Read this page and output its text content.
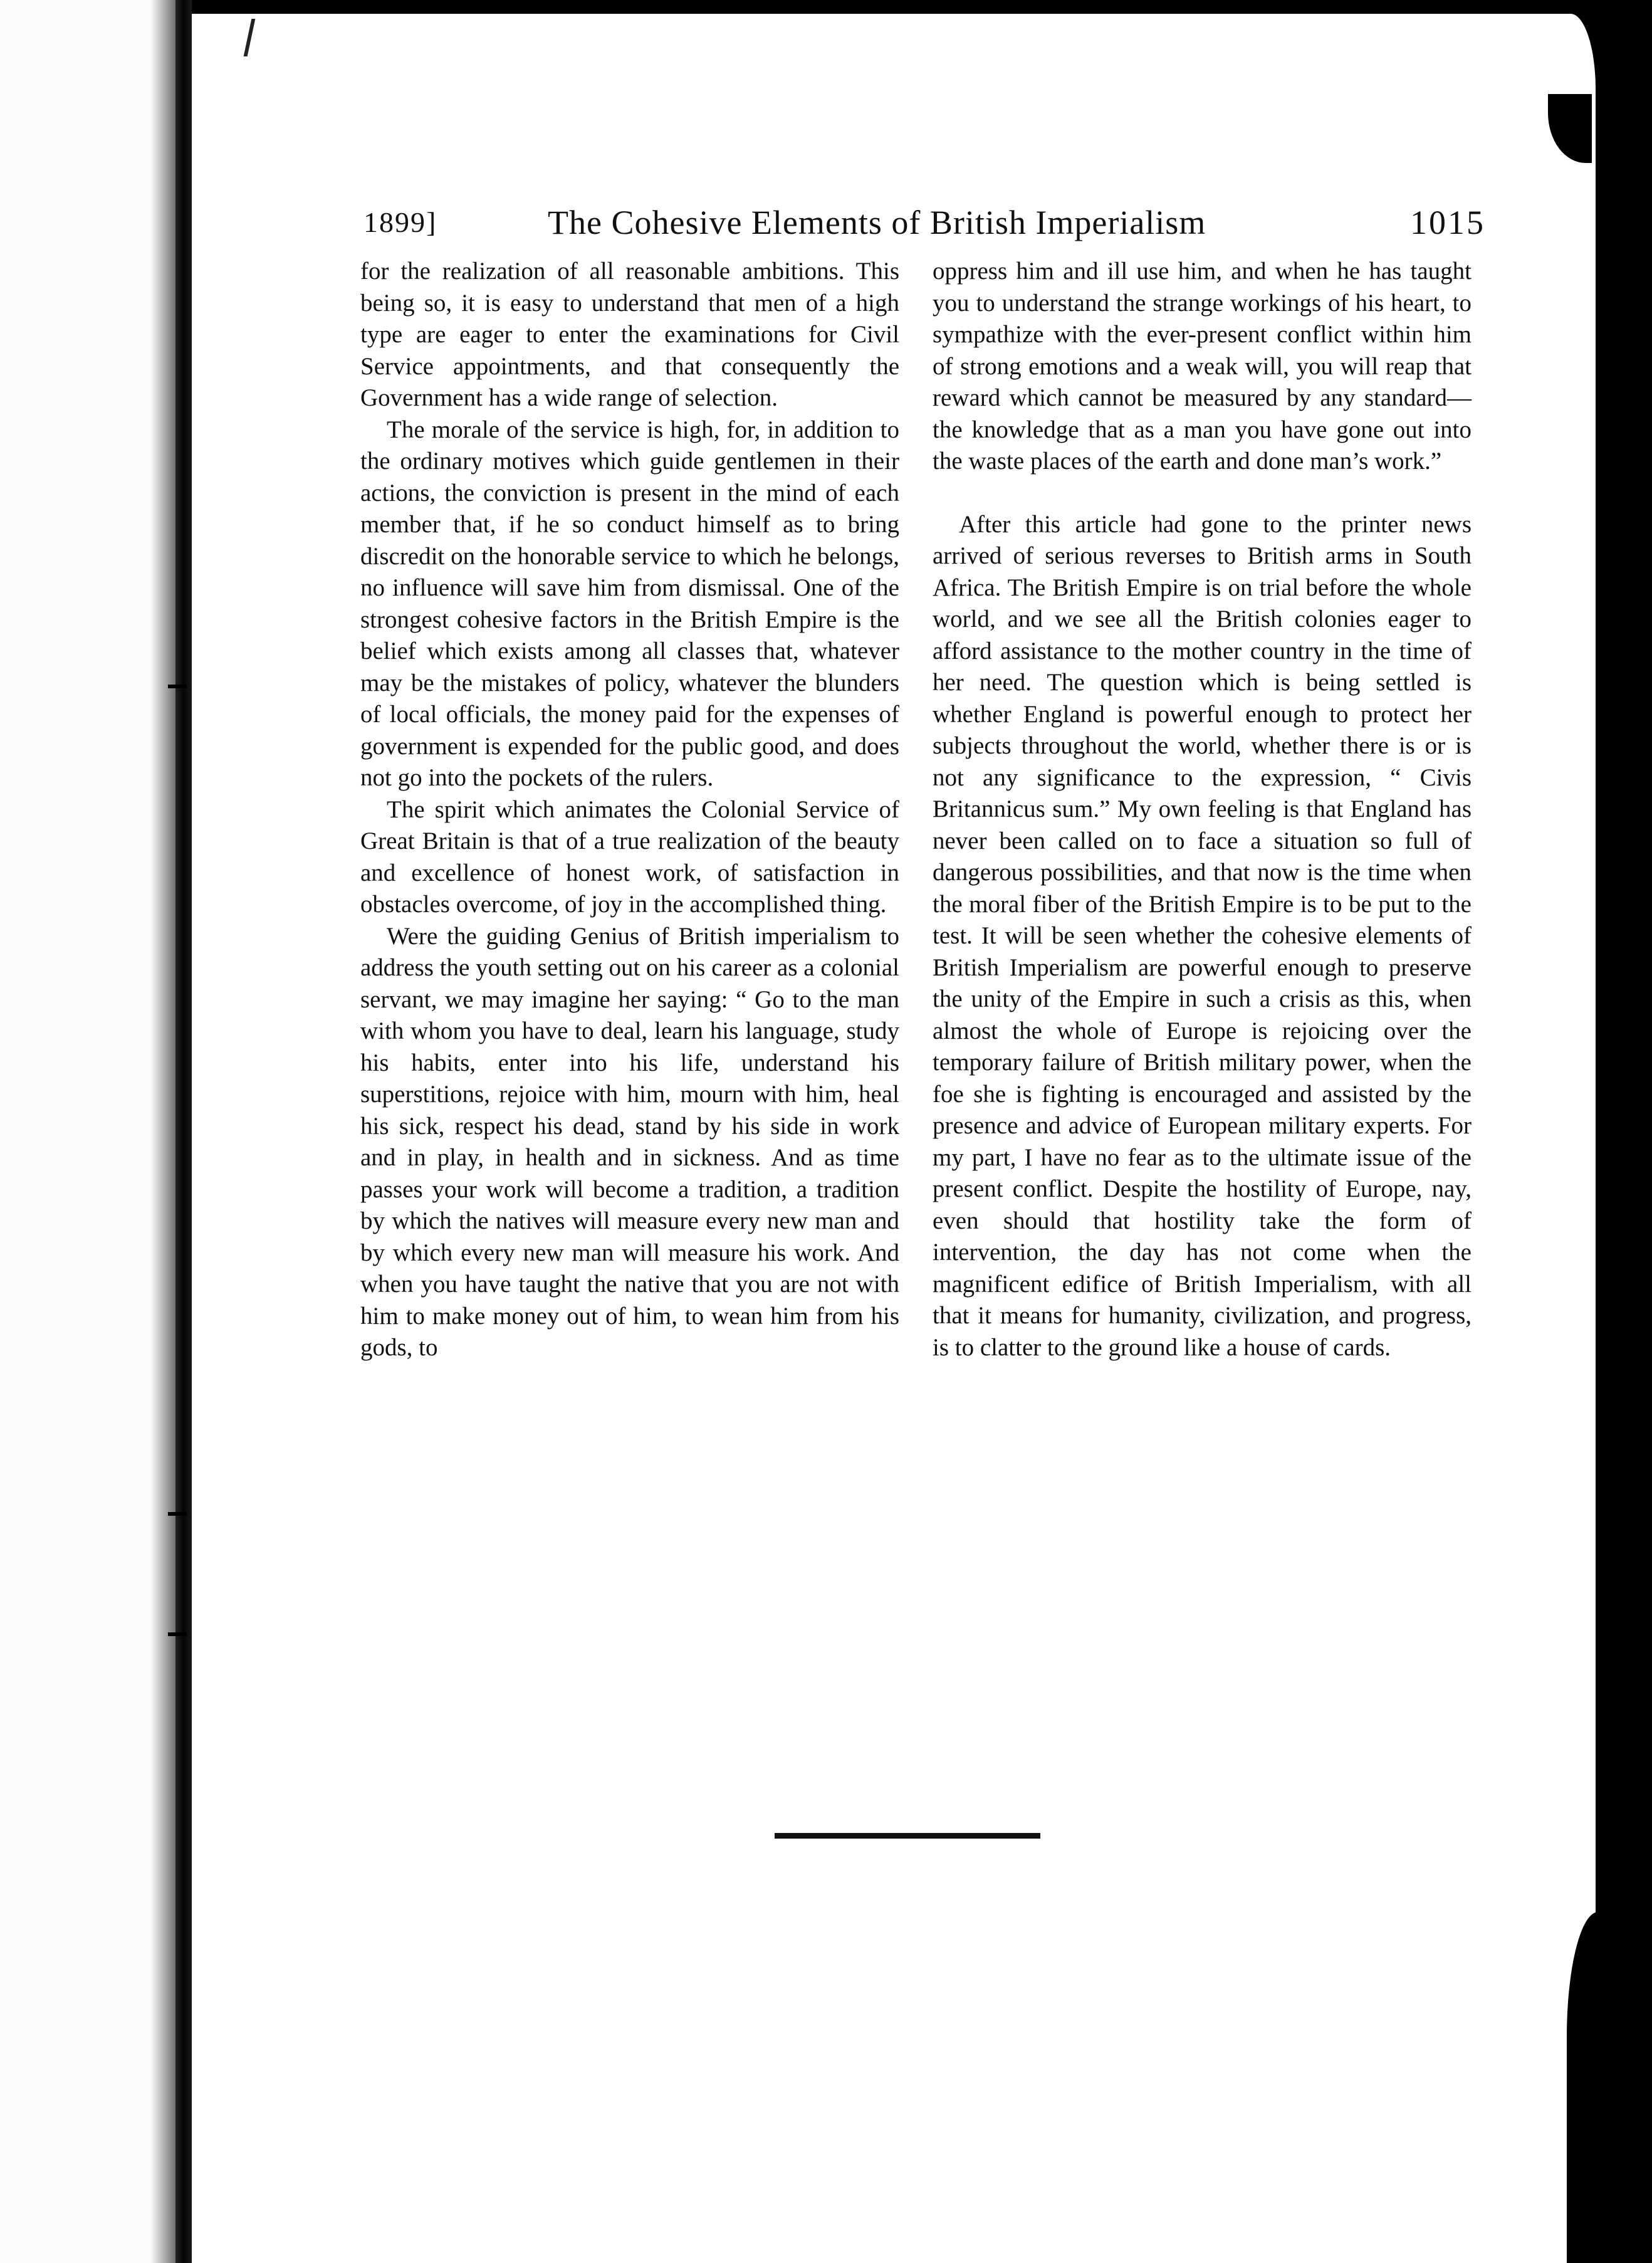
1899]	The Cohesive Elements of British Imperialism	1015

for the realization of all reasonable ambitions. This being so, it is easy to understand that men of a high type are eager to enter the examinations for Civil Service appointments, and that consequently the Government has a wide range of selection.

The morale of the service is high, for, in addition to the ordinary motives which guide gentlemen in their actions, the conviction is present in the mind of each member that, if he so conduct himself as to bring discredit on the honorable service to which he belongs, no influence will save him from dismissal. One of the strongest cohesive factors in the British Empire is the belief which exists among all classes that, whatever may be the mistakes of policy, whatever the blunders of local officials, the money paid for the expenses of government is expended for the public good, and does not go into the pockets of the rulers.

The spirit which animates the Colonial Service of Great Britain is that of a true realization of the beauty and excellence of honest work, of satisfaction in obstacles overcome, of joy in the accomplished thing.

Were the guiding Genius of British imperialism to address the youth setting out on his career as a colonial servant, we may imagine her saying: “ Go to the man with whom you have to deal, learn his language, study his habits, enter into his life, understand his superstitions, rejoice with him, mourn with him, heal his sick, respect his dead, stand by his side in work and in play, in health and in sickness. And as time passes your work will become a tradition, a tradition by which the natives will measure every new man and by which every new man will measure his work. And when you have taught the native that you are not with him to make money out of him, to wean him from his gods, to

oppress him and ill use him, and when he has taught you to understand the strange workings of his heart, to sympathize with the ever-present conflict within him of strong emotions and a weak will, you will reap that reward which cannot be measured by any standard—the knowledge that as a man you have gone out into the waste places of the earth and done man’s work.”

After this article had gone to the printer news arrived of serious reverses to British arms in South Africa. The British Empire is on trial before the whole world, and we see all the British colonies eager to afford assistance to the mother country in the time of her need. The question which is being settled is whether England is powerful enough to protect her subjects throughout the world, whether there is or is not any significance to the expression, “ Civis Britannicus sum.” My own feeling is that England has never been called on to face a situation so full of dangerous possibilities, and that now is the time when the moral fiber of the British Empire is to be put to the test. It will be seen whether the cohesive elements of British Imperialism are powerful enough to preserve the unity of the Empire in such a crisis as this, when almost the whole of Europe is rejoicing over the temporary failure of British military power, when the foe she is fighting is encouraged and assisted by the presence and advice of European military experts. For my part, I have no fear as to the ultimate issue of the present conflict. Despite the hostility of Europe, nay, even should that hostility take the form of intervention, the day has not come when the magnificent edifice of British Imperialism, with all that it means for humanity, civilization, and progress, is to clatter to the ground like a house of cards.
